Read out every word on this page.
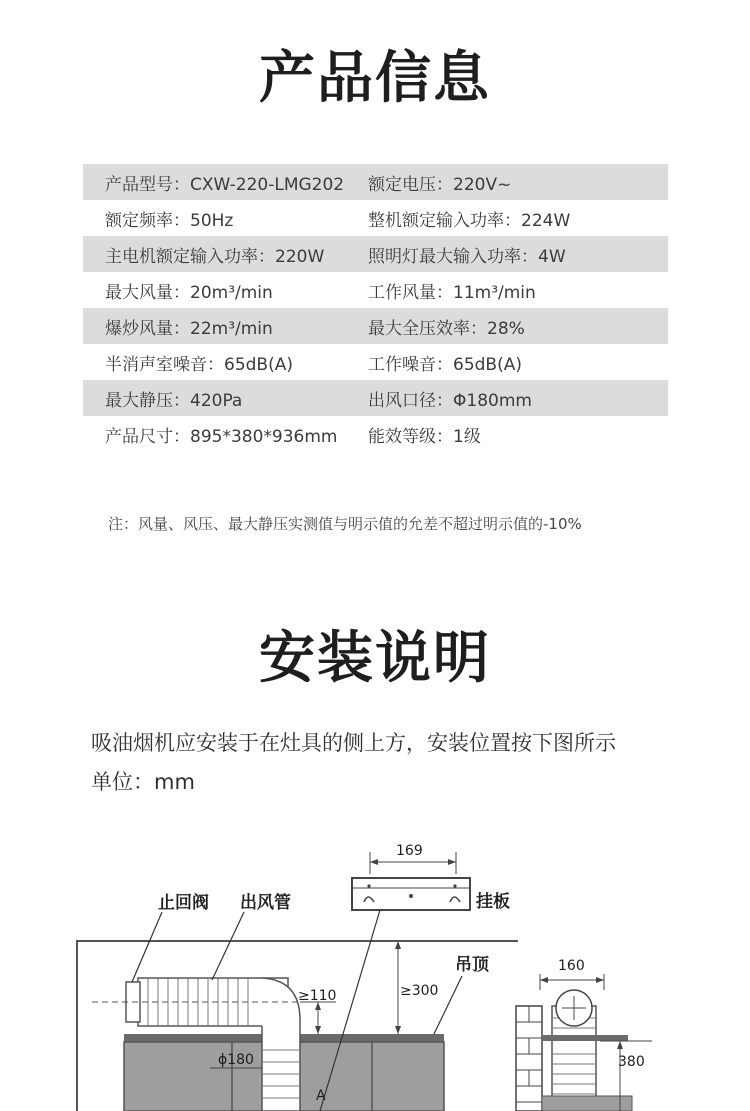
产品信息
产品型号：CXW-220-LMG202	额定电压：220V~
额定频率：50Hz	整机额定输入功率：224W
主电机额定输入功率：220W	照明灯最大输入功率：4W
最大风量：20m³/min	工作风量：11m³/min
爆炒风量：22m³/min	最大全压效率：28%
半消声室噪音：65dB(A)	工作噪音：65dB(A)
最大静压：420Pa	出风口径：Φ180mm
产品尺寸：895*380*936mm	能效等级：1级
注：风量、风压、最大静压实测值与明示值的允差不超过明示值的-10%
安装说明
吸油烟机应安装于在灶具的侧上方，安装位置按下图所示
单位：mm
止回阀 出风管
169
挂板
≥300
吊顶
≥110
ϕ180
A
160
380
